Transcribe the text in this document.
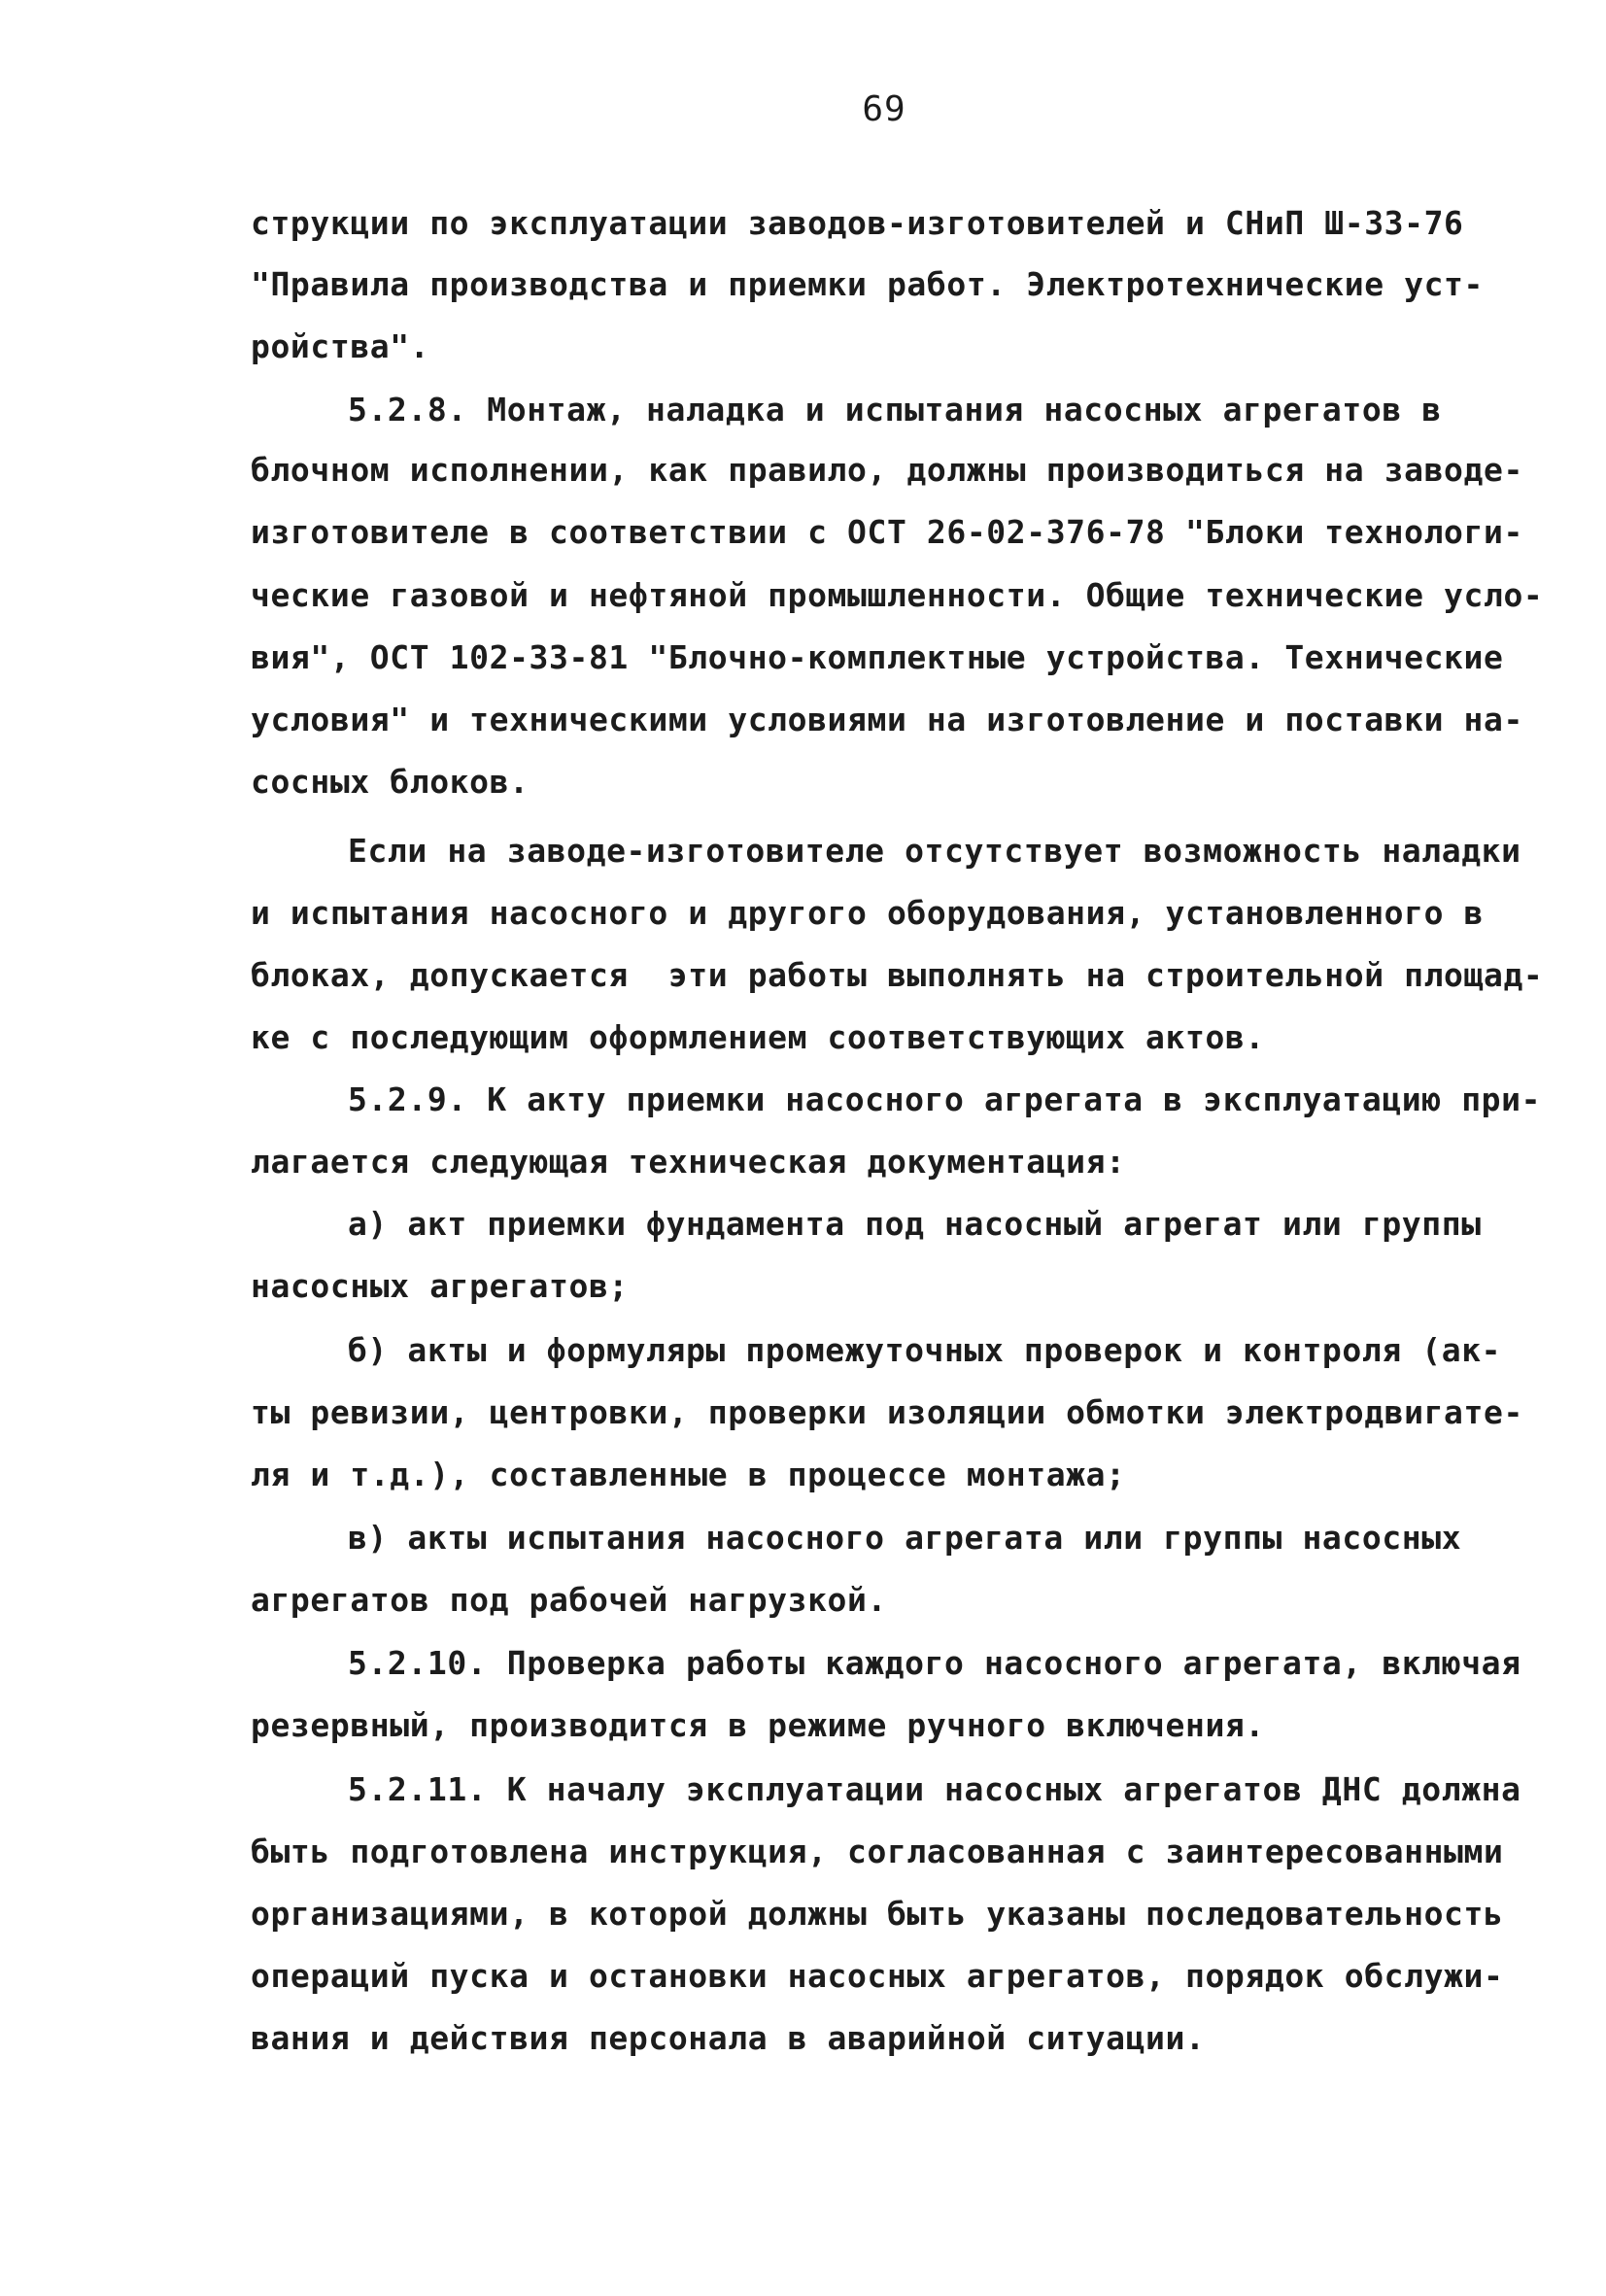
69
струкции по эксплуатации заводов-изготовителей и СНиП Ш-33-76
"Правила производства и приемки работ. Электротехнические уст-
ройства".
5.2.8. Монтаж, наладка и испытания насосных агрегатов в
блочном исполнении, как правило, должны производиться на заводе-
изготовителе в соответствии с ОСТ 26-02-376-78 "Блоки технологи-
ческие газовой и нефтяной промышленности. Общие технические усло-
вия", ОСТ 102-33-81 "Блочно-комплектные устройства. Технические
условия" и техническими условиями на изготовление и поставки на-
сосных блоков.
Если на заводе-изготовителе отсутствует возможность наладки
и испытания насосного и другого оборудования, установленного в
блоках, допускается  эти работы выполнять на строительной площад-
ке с последующим оформлением соответствующих актов.
5.2.9. К акту приемки насосного агрегата в эксплуатацию при-
лагается следующая техническая документация:
а) акт приемки фундамента под насосный агрегат или группы
насосных агрегатов;
б) акты и формуляры промежуточных проверок и контроля (ак-
ты ревизии, центровки, проверки изоляции обмотки электродвигате-
ля и т.д.), составленные в процессе монтажа;
в) акты испытания насосного агрегата или группы насосных
агрегатов под рабочей нагрузкой.
5.2.10. Проверка работы каждого насосного агрегата, включая
резервный, производится в режиме ручного включения.
5.2.11. К началу эксплуатации насосных агрегатов ДНС должна
быть подготовлена инструкция, согласованная с заинтересованными
организациями, в которой должны быть указаны последовательность
операций пуска и остановки насосных агрегатов, порядок обслужи-
вания и действия персонала в аварийной ситуации.
